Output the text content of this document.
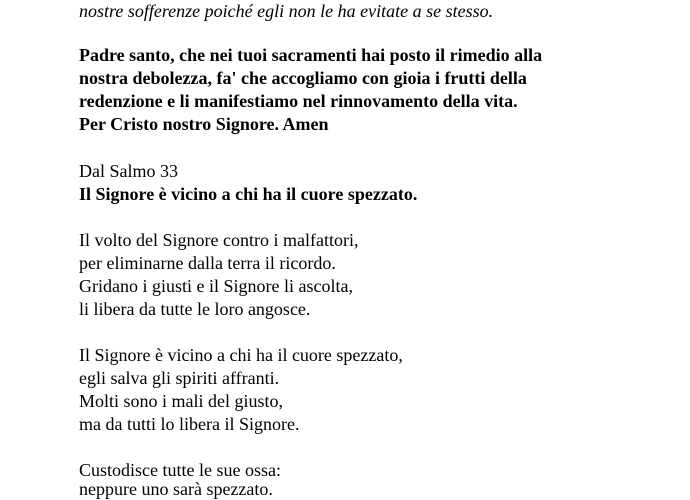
nostre sofferenze poiché egli non le ha evitate a se stesso.
Padre santo, che nei tuoi sacramenti hai posto il rimedio alla
nostra debolezza, fa' che accogliamo con gioia i frutti della
redenzione e li manifestiamo nel rinnovamento della vita.
Per Cristo nostro Signore. Amen
Dal Salmo 33
Il Signore è vicino a chi ha il cuore spezzato.
Il volto del Signore contro i malfattori,
per eliminarne dalla terra il ricordo.
Gridano i giusti e il Signore li ascolta,
li libera da tutte le loro angosce.
Il Signore è vicino a chi ha il cuore spezzato,
egli salva gli spiriti affranti.
Molti sono i mali del giusto,
ma da tutti lo libera il Signore.
Custodisce tutte le sue ossa:
neppure uno sarà spezzato.
